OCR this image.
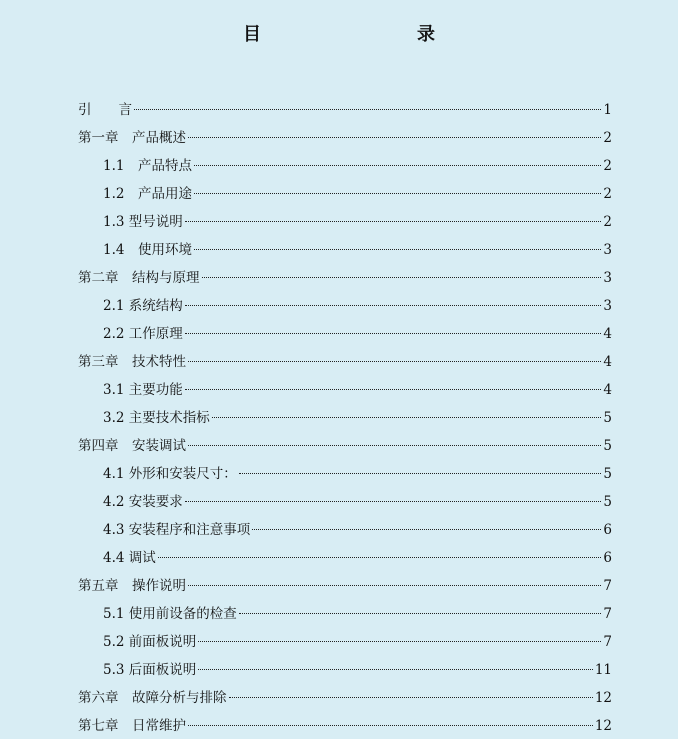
目　　录
引　　言	1
第一章　产品概述	2
1.1　产品特点	2
1.2　产品用途	2
1.3 型号说明	2
1.4　使用环境	3
第二章　结构与原理	3
2.1 系统结构	3
2.2 工作原理	4
第三章　技术特性	4
3.1 主要功能	4
3.2 主要技术指标	5
第四章　安装调试	5
4.1 外形和安装尺寸：	5
4.2 安装要求	5
4.3 安装程序和注意事项	6
4.4 调试	6
第五章　操作说明	7
5.1 使用前设备的检查	7
5.2 前面板说明	7
5.3 后面板说明	11
第六章　故障分析与排除	12
第七章　日常维护	12
